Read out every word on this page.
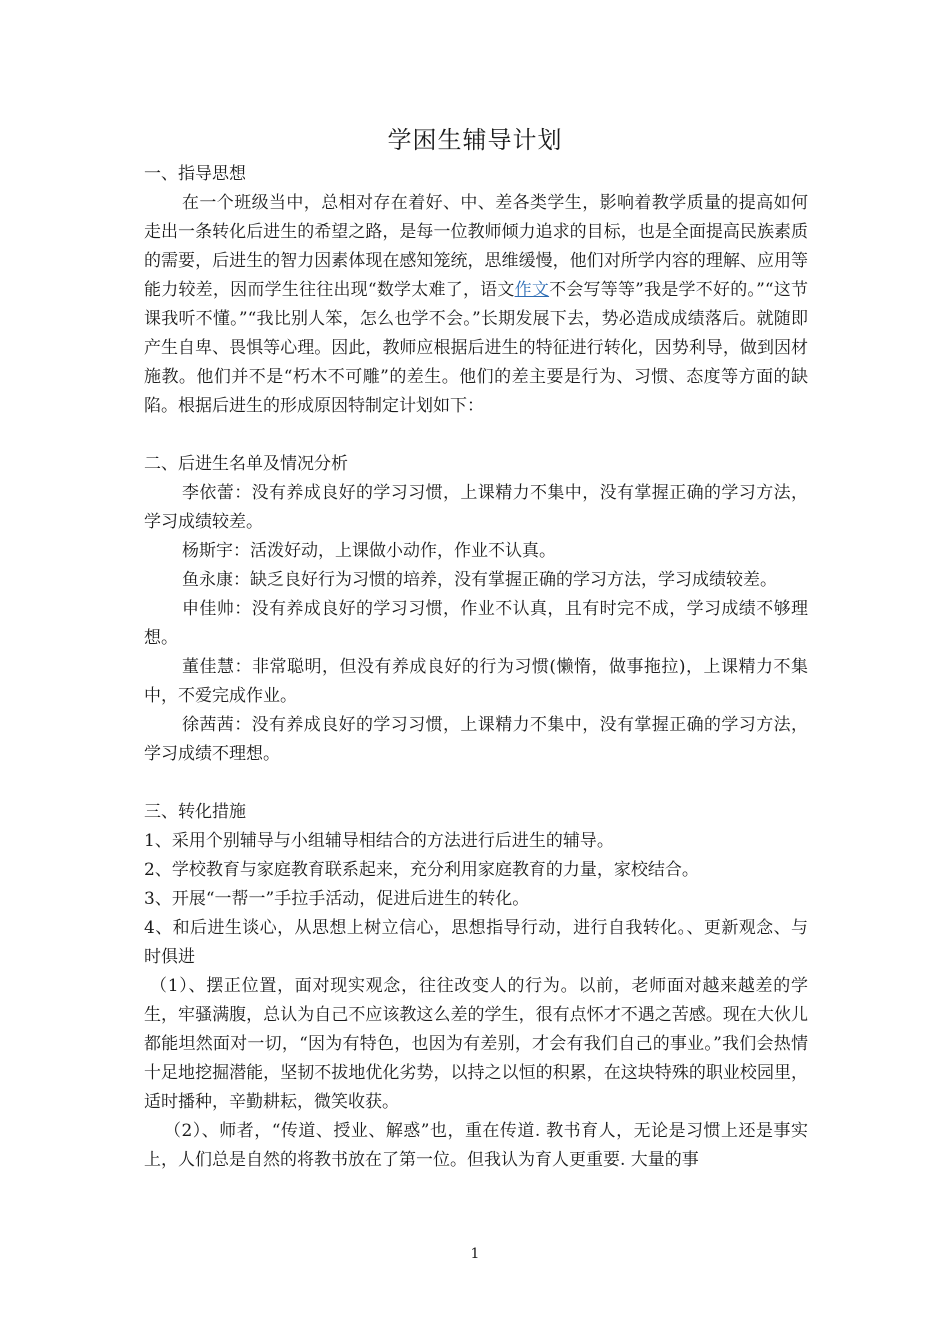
学困生辅导计划

一、指导思想

在一个班级当中，总相对存在着好、中、差各类学生，影响着教学质量的提高如何走出一条转化后进生的希望之路，是每一位教师倾力追求的目标，也是全面提高民族素质的需要，后进生的智力因素体现在感知笼统，思维缓慢，他们对所学内容的理解、应用等能力较差，因而学生往往出现“数学太难了，语文作文不会写等等”我是学不好的。”“这节课我听不懂。”“我比别人笨，怎么也学不会。”长期发展下去，势必造成成绩落后。就随即产生自卑、畏惧等心理。因此，教师应根据后进生的特征进行转化，因势利导，做到因材施教。他们并不是“朽木不可雕”的差生。他们的差主要是行为、习惯、态度等方面的缺陷。根据后进生的形成原因特制定计划如下：

二、后进生名单及情况分析

李依蕾：没有养成良好的学习习惯，上课精力不集中，没有掌握正确的学习方法，学习成绩较差。

杨斯宇：活泼好动，上课做小动作，作业不认真。

鱼永康：缺乏良好行为习惯的培养，没有掌握正确的学习方法，学习成绩较差。

申佳帅：没有养成良好的学习习惯，作业不认真，且有时完不成，学习成绩不够理想。

董佳慧：非常聪明，但没有养成良好的行为习惯(懒惰，做事拖拉)，上课精力不集中，不爱完成作业。

徐茜茜：没有养成良好的学习习惯，上课精力不集中，没有掌握正确的学习方法，学习成绩不理想。

三、转化措施

1、采用个别辅导与小组辅导相结合的方法进行后进生的辅导。

2、学校教育与家庭教育联系起来，充分利用家庭教育的力量，家校结合。

3、开展“一帮一”手拉手活动，促进后进生的转化。

4、和后进生谈心，从思想上树立信心，思想指导行动，进行自我转化。、更新观念、与时俱进

（1）、摆正位置，面对现实观念，往往改变人的行为。以前，老师面对越来越差的学生，牢骚满腹，总认为自己不应该教这么差的学生，很有点怀才不遇之苦感。现在大伙儿都能坦然面对一切，“因为有特色，也因为有差别，才会有我们自己的事业。”我们会热情十足地挖掘潜能，坚韧不拔地优化劣势，以持之以恒的积累，在这块特殊的职业校园里，适时播种，辛勤耕耘，微笑收获。

（2）、师者，“传道、授业、解惑”也，重在传道. 教书育人，无论是习惯上还是事实上，人们总是自然的将教书放在了第一位。但我认为育人更重要. 大量的事

1
